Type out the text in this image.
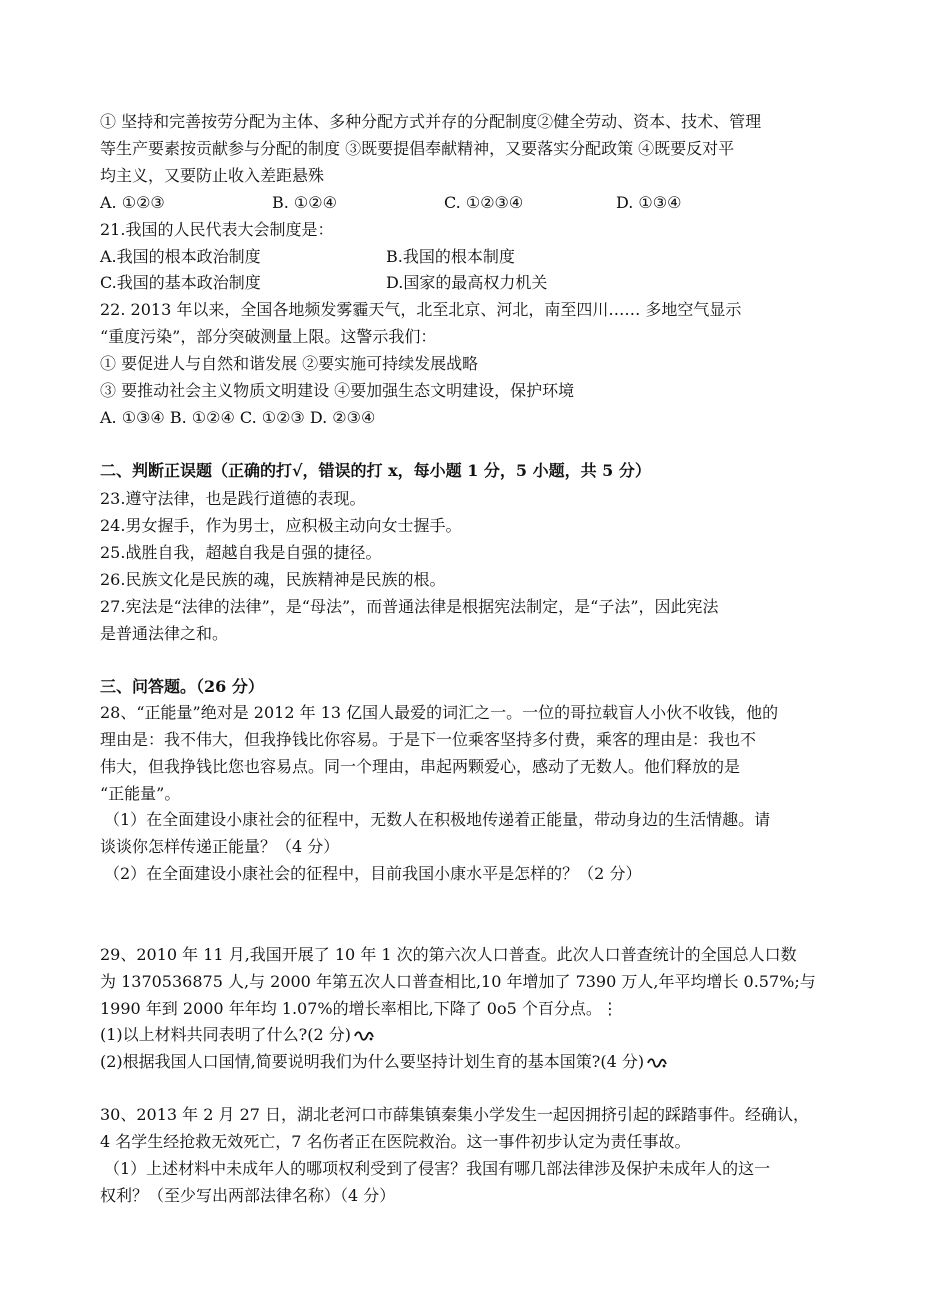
① 坚持和完善按劳分配为主体、多种分配方式并存的分配制度②健全劳动、资本、技术、管理
等生产要素按贡献参与分配的制度 ③既要提倡奉献精神，又要落实分配政策 ④既要反对平
均主义，又要防止收入差距悬殊
A. ①②③	B. ①②④	C. ①②③④	D. ①③④
21.我国的人民代表大会制度是：
A.我国的根本政治制度	B.我国的根本制度
C.我国的基本政治制度	D.国家的最高权力机关
22. 2013 年以来，全国各地频发雾霾天气，北至北京、河北，南至四川…… 多地空气显示
“重度污染”，部分突破测量上限。这警示我们：
① 要促进人与自然和谐发展 ②要实施可持续发展战略
③ 要推动社会主义物质文明建设 ④要加强生态文明建设，保护环境
A. ①③④ B. ①②④ C. ①②③ D. ②③④
二、判断正误题（正确的打√，错误的打 x，每小题 1 分，5 小题，共 5 分）
23.遵守法律，也是践行道德的表现。
24.男女握手，作为男士，应积极主动向女士握手。
25.战胜自我，超越自我是自强的捷径。
26.民族文化是民族的魂，民族精神是民族的根。
27.宪法是“法律的法律”，是“母法”，而普通法律是根据宪法制定，是“子法”，因此宪法
是普通法律之和。
三、问答题。（26 分）
28、“正能量”绝对是 2012 年 13 亿国人最爱的词汇之一。一位的哥拉载盲人小伙不收钱，他的
理由是：我不伟大，但我挣钱比你容易。于是下一位乘客坚持多付费，乘客的理由是：我也不
伟大，但我挣钱比您也容易点。同一个理由，串起两颗爱心，感动了无数人。他们释放的是
“正能量”。
（1）在全面建设小康社会的征程中，无数人在积极地传递着正能量，带动身边的生活情趣。请
谈谈你怎样传递正能量？（4 分）
（2）在全面建设小康社会的征程中，目前我国小康水平是怎样的？（2 分）
29、2010 年 11 月,我国开展了 10 年 1 次的第六次人口普查。此次人口普查统计的全国总人口数
为 1370536875 人,与 2000 年第五次人口普查相比,10 年增加了 7390 万人,年平均增长 0.57%;与
1990 年到 2000 年年均 1.07%的增长率相比,下降了 0o5 个百分点。⋮
(1)以上材料共同表明了什么?(2 分)
(2)根据我国人口国情,简要说明我们为什么要坚持计划生育的基本国策?(4 分)
30、2013 年 2 月 27 日，湖北老河口市薛集镇秦集小学发生一起因拥挤引起的踩踏事件。经确认，
4 名学生经抢救无效死亡，7 名伤者正在医院救治。这一事件初步认定为责任事故。
（1）上述材料中未成年人的哪项权利受到了侵害？我国有哪几部法律涉及保护未成年人的这一
权利？（至少写出两部法律名称）（4 分）
